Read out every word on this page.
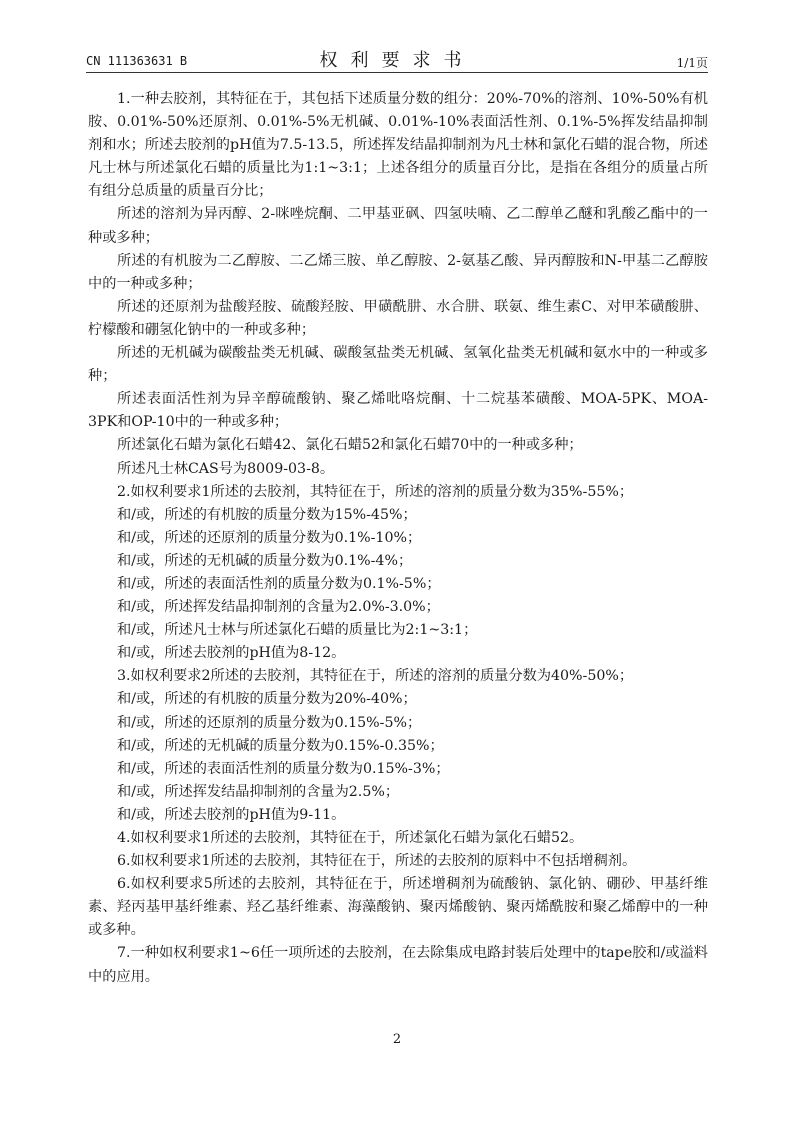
CN 111363631 B	权利要求书	1/1页

1.一种去胶剂，其特征在于，其包括下述质量分数的组分：20%-70%的溶剂、10%-50%有机胺、0.01%-50%还原剂、0.01%-5%无机碱、0.01%-10%表面活性剂、0.1%-5%挥发结晶抑制剂和水；所述去胶剂的pH值为7.5-13.5，所述挥发结晶抑制剂为凡士林和氯化石蜡的混合物，所述凡士林与所述氯化石蜡的质量比为1:1~3:1；上述各组分的质量百分比，是指在各组分的质量占所有组分总质量的质量百分比；

所述的溶剂为异丙醇、2-咪唑烷酮、二甲基亚砜、四氢呋喃、乙二醇单乙醚和乳酸乙酯中的一种或多种；

所述的有机胺为二乙醇胺、二乙烯三胺、单乙醇胺、2-氨基乙酸、异丙醇胺和N-甲基二乙醇胺中的一种或多种；

所述的还原剂为盐酸羟胺、硫酸羟胺、甲磺酰肼、水合肼、联氨、维生素C、对甲苯磺酸肼、柠檬酸和硼氢化钠中的一种或多种；

所述的无机碱为碳酸盐类无机碱、碳酸氢盐类无机碱、氢氧化盐类无机碱和氨水中的一种或多种；

所述表面活性剂为异辛醇硫酸钠、聚乙烯吡咯烷酮、十二烷基苯磺酸、MOA-5PK、MOA-3PK和OP-10中的一种或多种；

所述氯化石蜡为氯化石蜡42、氯化石蜡52和氯化石蜡70中的一种或多种；

所述凡士林CAS号为8009-03-8。

2.如权利要求1所述的去胶剂，其特征在于，所述的溶剂的质量分数为35%-55%；

和/或，所述的有机胺的质量分数为15%-45%；

和/或，所述的还原剂的质量分数为0.1%-10%；

和/或，所述的无机碱的质量分数为0.1%-4%；

和/或，所述的表面活性剂的质量分数为0.1%-5%；

和/或，所述挥发结晶抑制剂的含量为2.0%-3.0%；

和/或，所述凡士林与所述氯化石蜡的质量比为2:1~3:1；

和/或，所述去胶剂的pH值为8-12。

3.如权利要求2所述的去胶剂，其特征在于，所述的溶剂的质量分数为40%-50%；

和/或，所述的有机胺的质量分数为20%-40%；

和/或，所述的还原剂的质量分数为0.15%-5%；

和/或，所述的无机碱的质量分数为0.15%-0.35%；

和/或，所述的表面活性剂的质量分数为0.15%-3%；

和/或，所述挥发结晶抑制剂的含量为2.5%；

和/或，所述去胶剂的pH值为9-11。

4.如权利要求1所述的去胶剂，其特征在于，所述氯化石蜡为氯化石蜡52。

6.如权利要求1所述的去胶剂，其特征在于，所述的去胶剂的原料中不包括增稠剂。

6.如权利要求5所述的去胶剂，其特征在于，所述增稠剂为硫酸钠、氯化钠、硼砂、甲基纤维素、羟丙基甲基纤维素、羟乙基纤维素、海藻酸钠、聚丙烯酸钠、聚丙烯酰胺和聚乙烯醇中的一种或多种。

7.一种如权利要求1~6任一项所述的去胶剂，在去除集成电路封装后处理中的tape胶和/或溢料中的应用。

2
